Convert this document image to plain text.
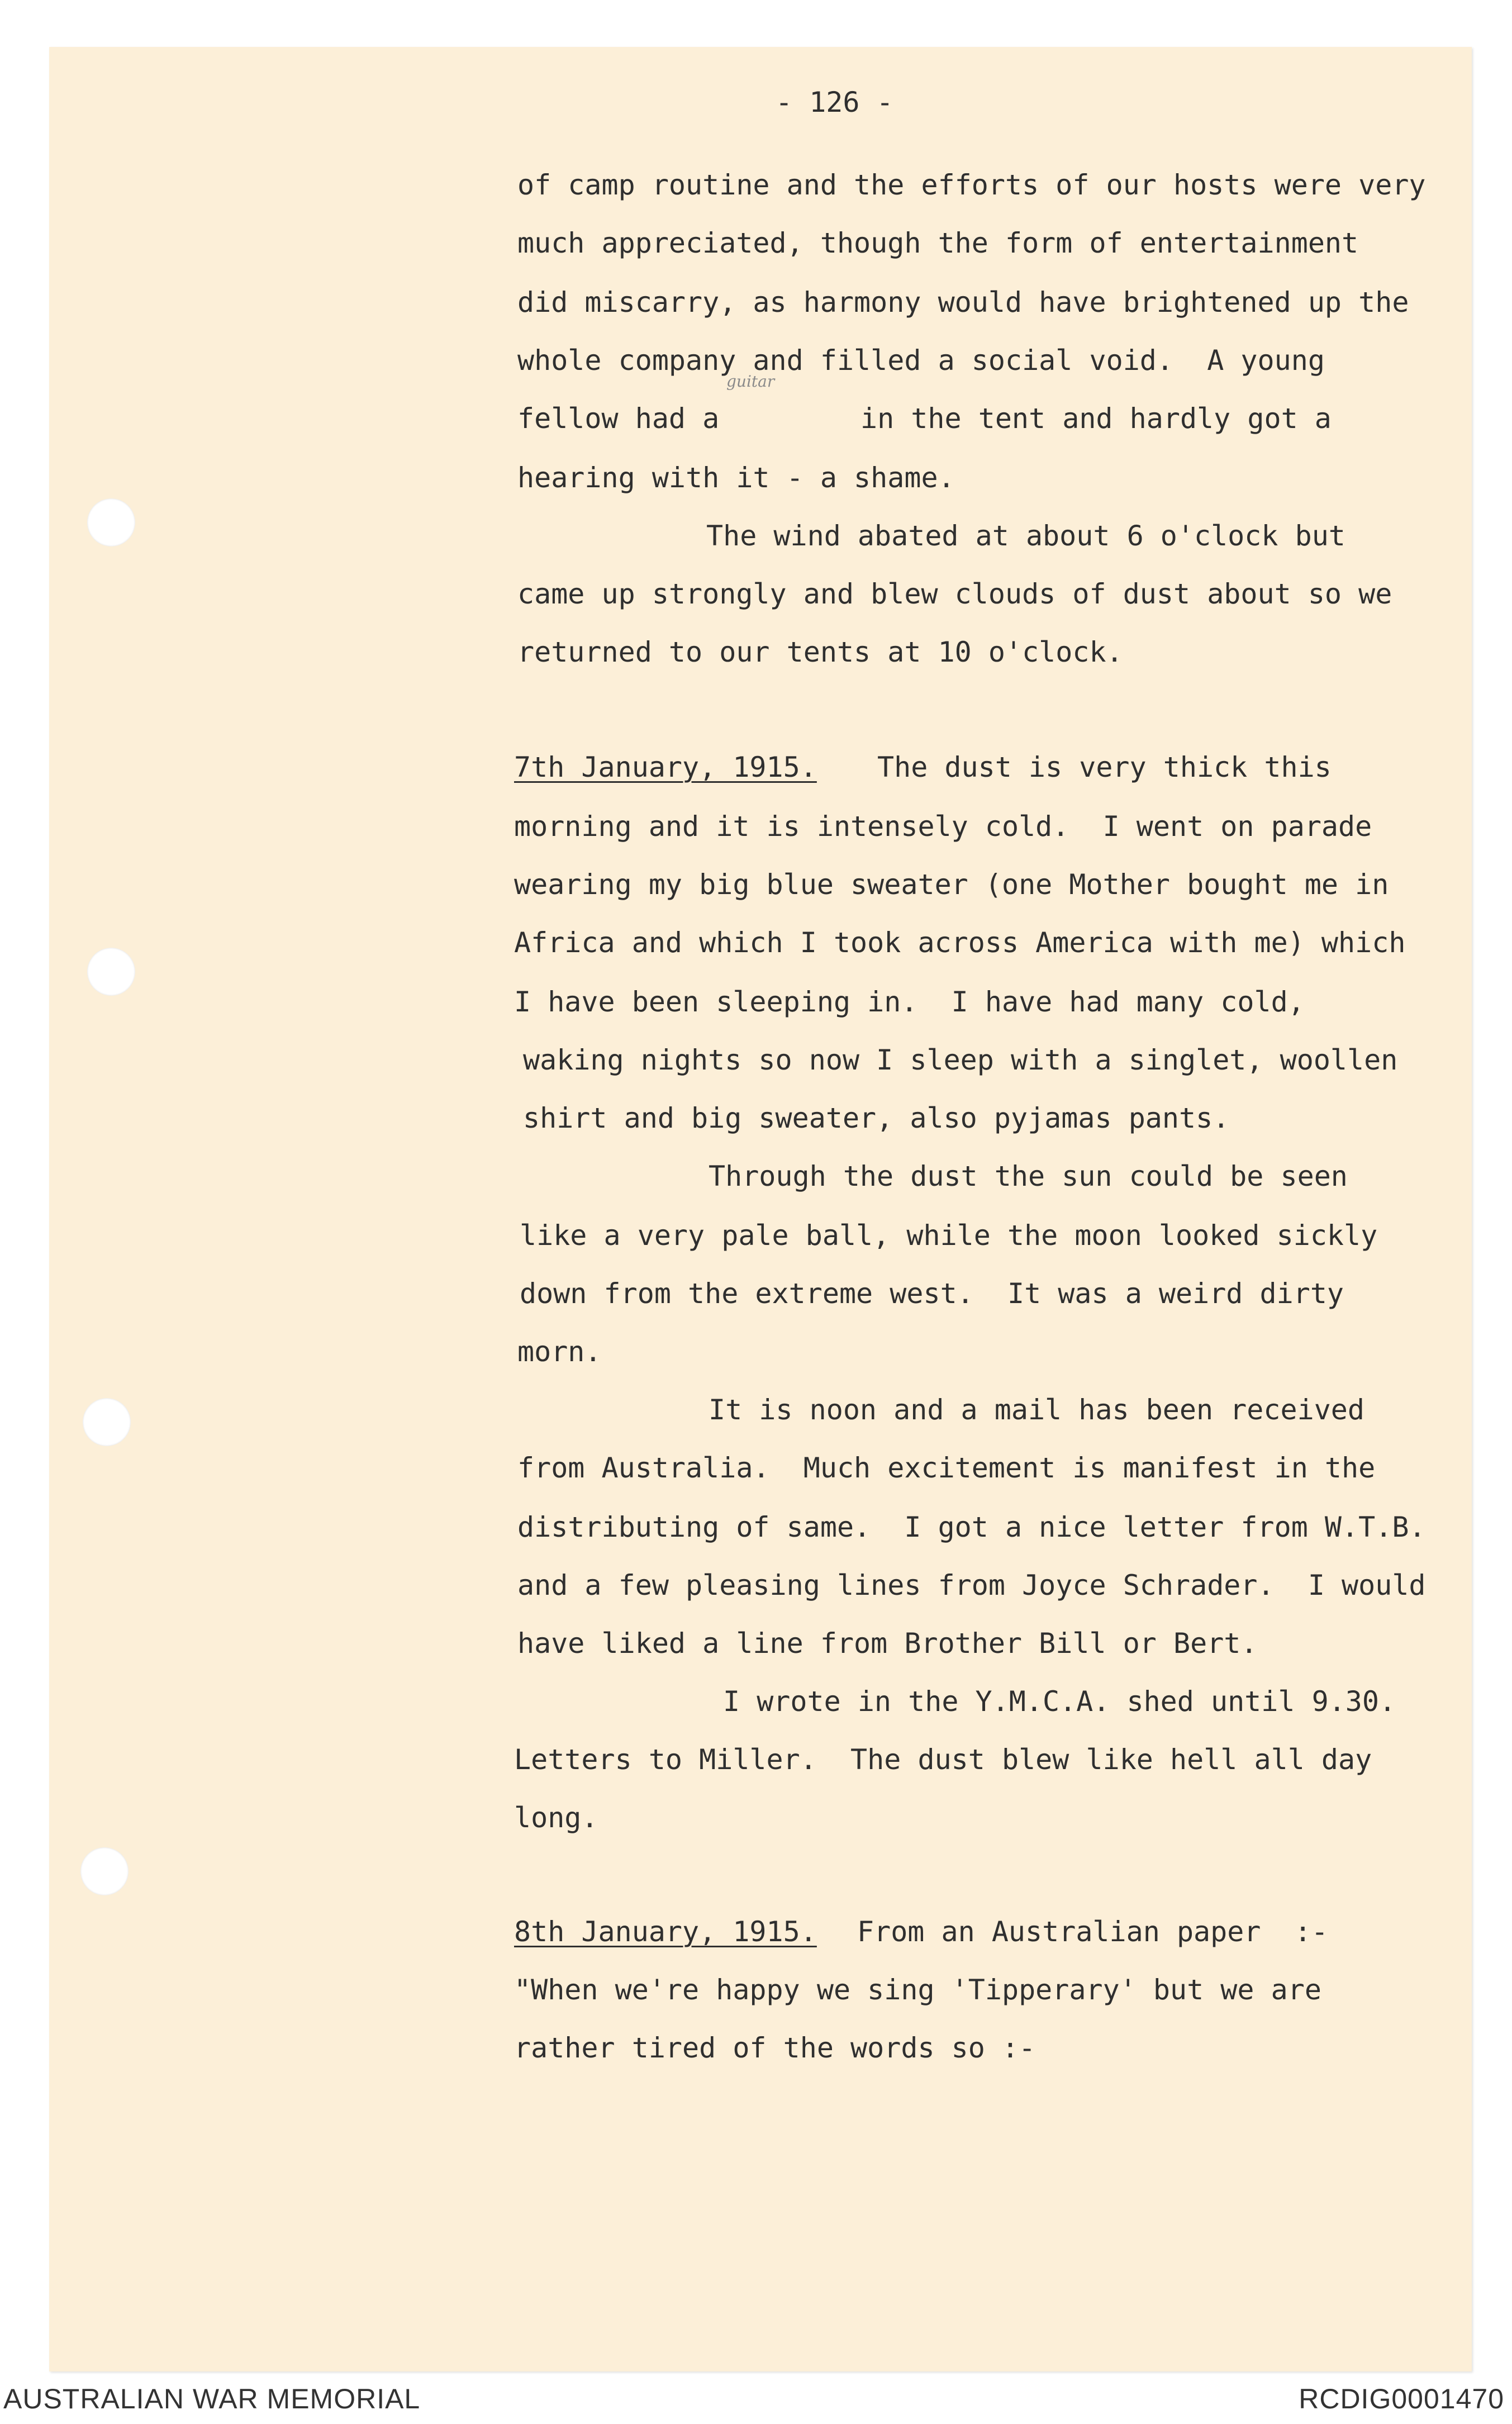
- 126 -
of camp routine and the efforts of our hosts were very
much appreciated, though the form of entertainment
did miscarry, as harmony would have brightened up the
whole company and filled a social void.  A young
guitar
fellow had a	in the tent and hardly got a
hearing with it - a shame.
The wind abated at about 6 o'clock but
came up strongly and blew clouds of dust about so we
returned to our tents at 10 o'clock.
7th January, 1915. The dust is very thick this
morning and it is intensely cold.  I went on parade
wearing my big blue sweater (one Mother bought me in
Africa and which I took across America with me) which
I have been sleeping in.  I have had many cold,
waking nights so now I sleep with a singlet, woollen
shirt and big sweater, also pyjamas pants.
Through the dust the sun could be seen
like a very pale ball, while the moon looked sickly
down from the extreme west.  It was a weird dirty
morn.
It is noon and a mail has been received
from Australia.  Much excitement is manifest in the
distributing of same.  I got a nice letter from W.T.B.
and a few pleasing lines from Joyce Schrader.  I would
have liked a line from Brother Bill or Bert.
I wrote in the Y.M.C.A. shed until 9.30.
Letters to Miller.  The dust blew like hell all day
long.
8th January, 1915. From an Australian paper  :-
"When we're happy we sing 'Tipperary' but we are
rather tired of the words so :-
AUSTRALIAN WAR MEMORIAL	RCDIG0001470
